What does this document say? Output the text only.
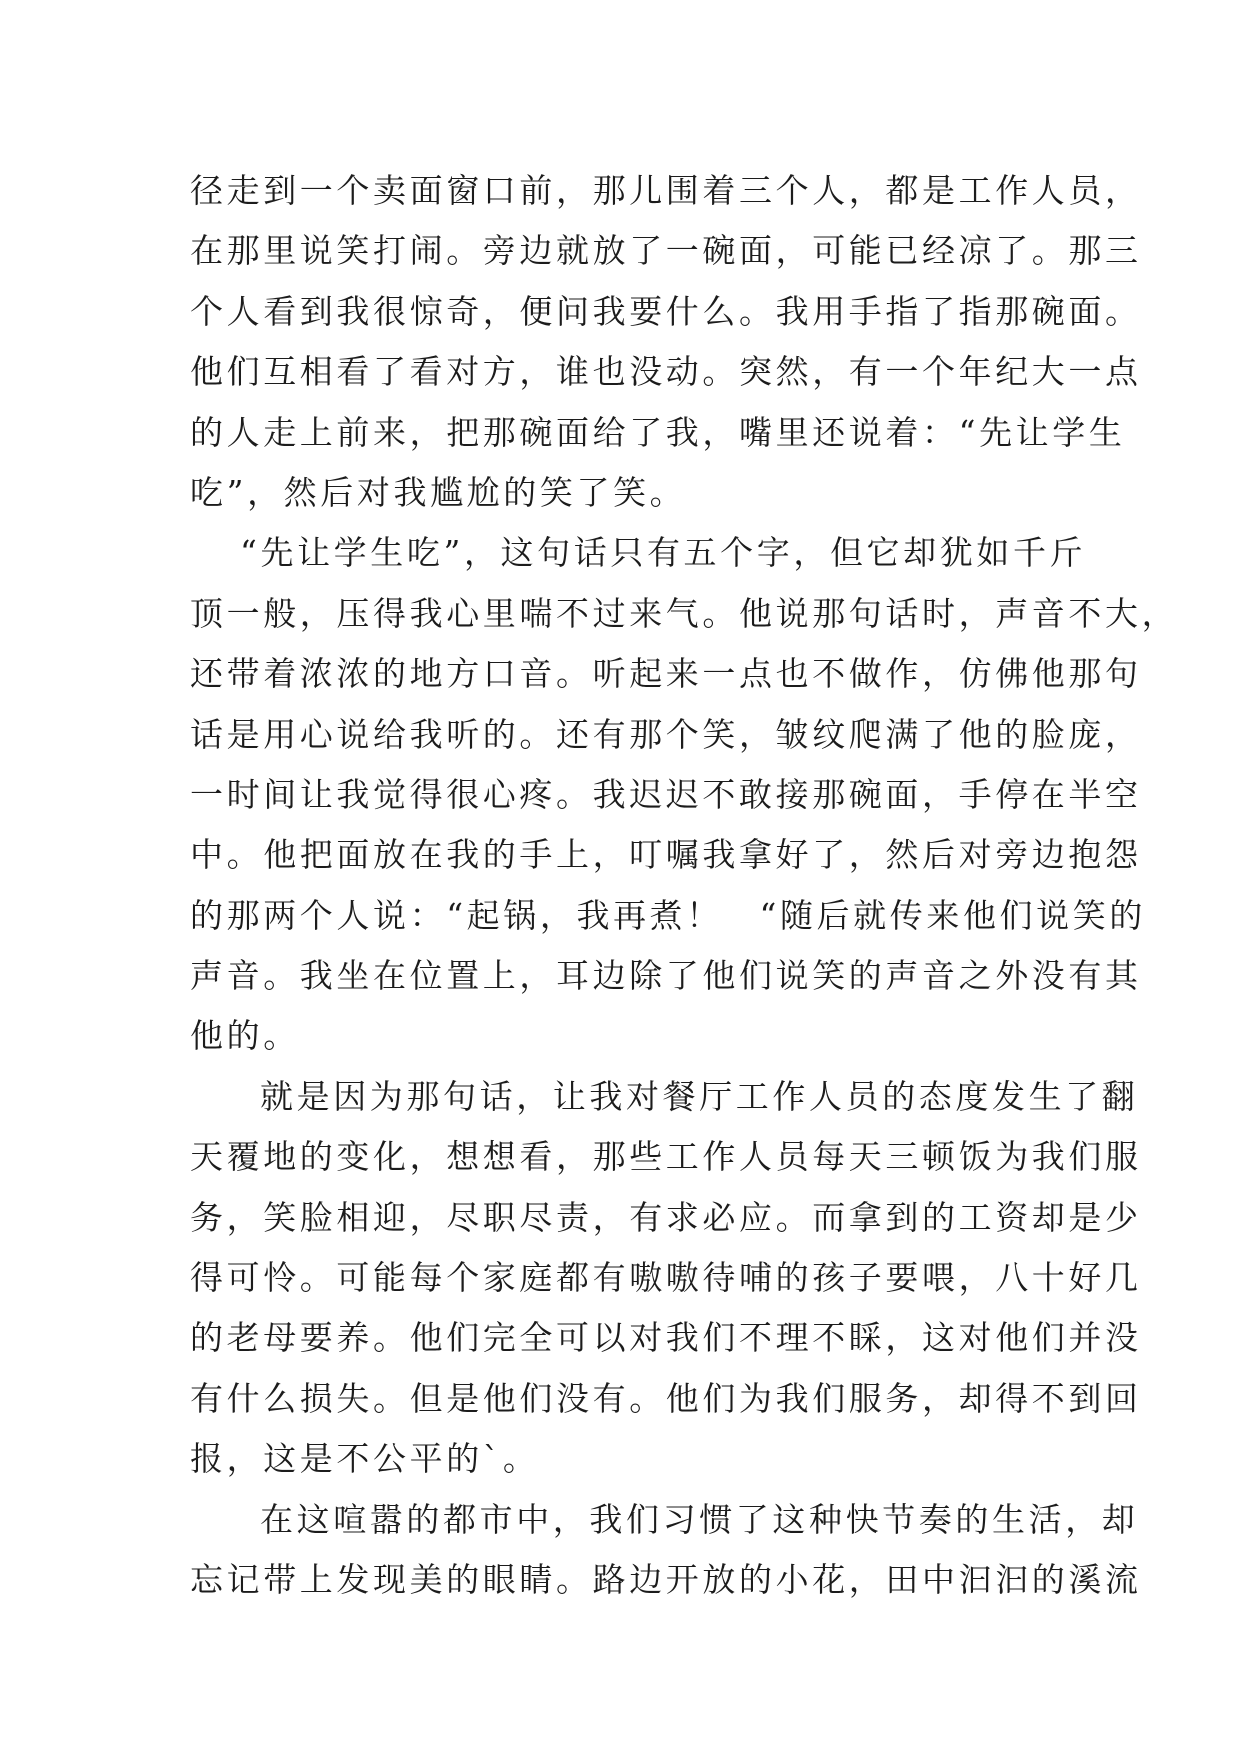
径走到一个卖面窗口前，那儿围着三个人，都是工作人员，
在那里说笑打闹。旁边就放了一碗面，可能已经凉了。那三
个人看到我很惊奇，便问我要什么。我用手指了指那碗面。
他们互相看了看对方，谁也没动。突然，有一个年纪大一点
的人走上前来，把那碗面给了我，嘴里还说着：“先让学生
吃”，然后对我尴尬的笑了笑。
“先让学生吃”，这句话只有五个字，但它却犹如千斤
顶一般，压得我心里喘不过来气。他说那句话时，声音不大，
还带着浓浓的地方口音。听起来一点也不做作，仿佛他那句
话是用心说给我听的。还有那个笑，皱纹爬满了他的脸庞，
一时间让我觉得很心疼。我迟迟不敢接那碗面，手停在半空
中。他把面放在我的手上，叮嘱我拿好了，然后对旁边抱怨
的那两个人说：“起锅，我再煮！　“随后就传来他们说笑的
声音。我坐在位置上，耳边除了他们说笑的声音之外没有其
他的。
就是因为那句话，让我对餐厅工作人员的态度发生了翻
天覆地的变化，想想看，那些工作人员每天三顿饭为我们服
务，笑脸相迎，尽职尽责，有求必应。而拿到的工资却是少
得可怜。可能每个家庭都有嗷嗷待哺的孩子要喂，八十好几
的老母要养。他们完全可以对我们不理不睬，这对他们并没
有什么损失。但是他们没有。他们为我们服务，却得不到回
报，这是不公平的`。
在这喧嚣的都市中，我们习惯了这种快节奏的生活，却
忘记带上发现美的眼睛。路边开放的小花，田中汩汩的溪流
